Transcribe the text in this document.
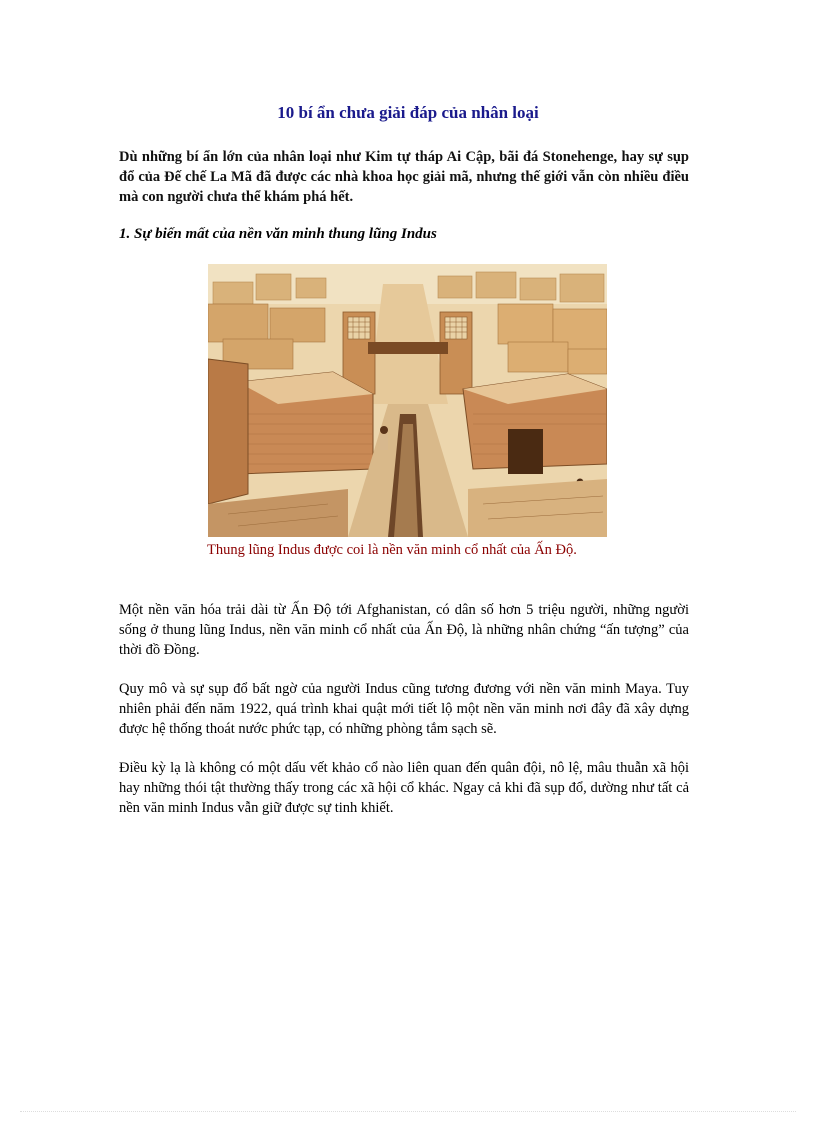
10 bí ẩn chưa giải đáp của nhân loại

Dù những bí ẩn lớn của nhân loại như Kim tự tháp Ai Cập, bãi đá Stonehenge, hay sự sụp đổ của Đế chế La Mã đã được các nhà khoa học giải mã, nhưng thế giới vẫn còn nhiều điều mà con người chưa thể khám phá hết.

1. Sự biến mất của nền văn minh thung lũng Indus

Thung lũng Indus được coi là nền văn minh cổ nhất của Ấn Độ.

Một nền văn hóa trải dài từ Ấn Độ tới Afghanistan, có dân số hơn 5 triệu người, những người sống ở thung lũng Indus, nền văn minh cổ nhất của Ấn Độ, là những nhân chứng “ấn tượng” của thời đồ Đồng.

Quy mô và sự sụp đổ bất ngờ của người Indus cũng tương đương với nền văn minh Maya. Tuy nhiên phải đến năm 1922, quá trình khai quật mới tiết lộ một nền văn minh nơi đây đã xây dựng được hệ thống thoát nước phức tạp, có những phòng tắm sạch sẽ.

Điều kỳ lạ là không có một dấu vết khảo cổ nào liên quan đến quân đội, nô lệ, mâu thuẫn xã hội hay những thói tật thường thấy trong các xã hội cổ khác. Ngay cả khi đã sụp đổ, dường như tất cả nền văn minh Indus vẫn giữ được sự tinh khiết.
